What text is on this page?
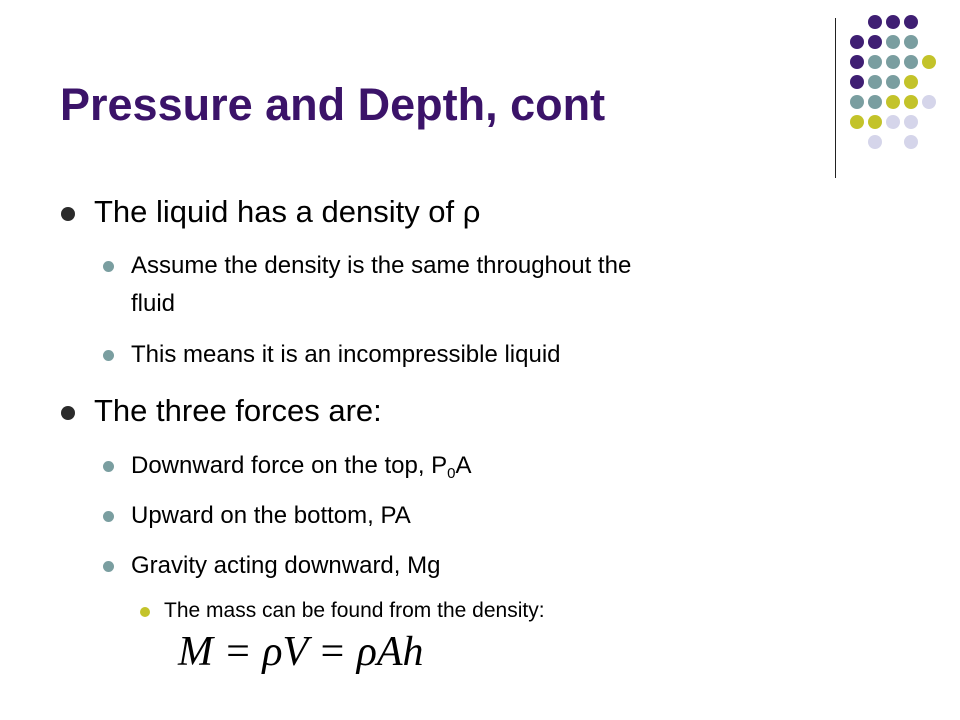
Pressure and Depth, cont
The liquid has a density of ρ
Assume the density is the same throughout the
fluid
This means it is an incompressible liquid
The three forces are:
Downward force on the top, $P_0A$
Upward on the bottom, PA
Gravity acting downward, Mg
The mass can be found from the density:
M = ρV = ρAh
